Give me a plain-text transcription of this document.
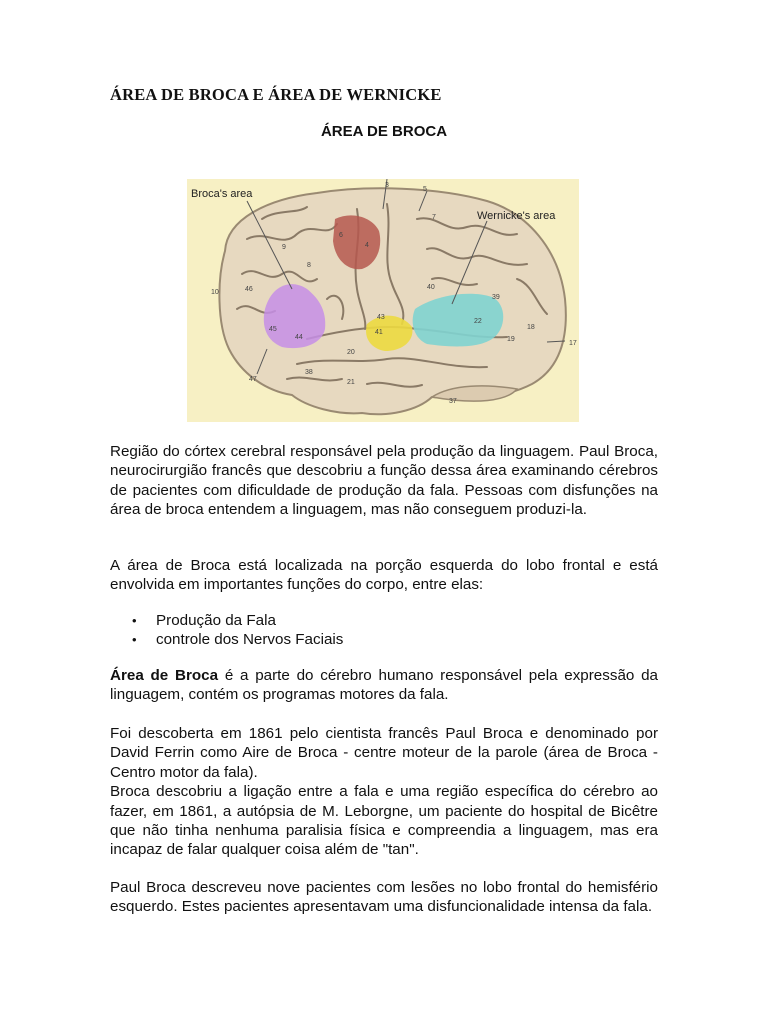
ÁREA DE BROCA E ÁREA DE WERNICKE
ÁREA DE BROCA
Broca's area
Wernicke's area
3
5
7
6
4
8
9
10	46
45
44
47
43
41
40
39
22
19
17
18
38
21
20
37

Região do córtex cerebral responsável pela produção da linguagem. Paul Broca, neurocirurgião francês que descobriu a função dessa área examinando cérebros de pacientes com dificuldade de produção da fala. Pessoas com disfunções na área de broca entendem a linguagem, mas não conseguem produzi-la.

A área de Broca está localizada na porção esquerda do lobo frontal e está envolvida em importantes funções do corpo, entre elas:

• Produção da Fala
• controle dos Nervos Faciais

Área de Broca é a parte do cérebro humano responsável pela expressão da linguagem, contém os programas motores da fala.

Foi descoberta em 1861 pelo cientista francês Paul Broca e denominado por David Ferrin como Aire de Broca - centre moteur de la parole (área de Broca - Centro motor da fala).
Broca descobriu a ligação entre a fala e uma região específica do cérebro ao fazer, em 1861, a autópsia de M. Leborgne, um paciente do hospital de Bicêtre que não tinha nenhuma paralisia física e compreendia a linguagem, mas era incapaz de falar qualquer coisa além de "tan".

Paul Broca descreveu nove pacientes com lesões no lobo frontal do hemisfério esquerdo. Estes pacientes apresentavam uma disfuncionalidade intensa da fala.
